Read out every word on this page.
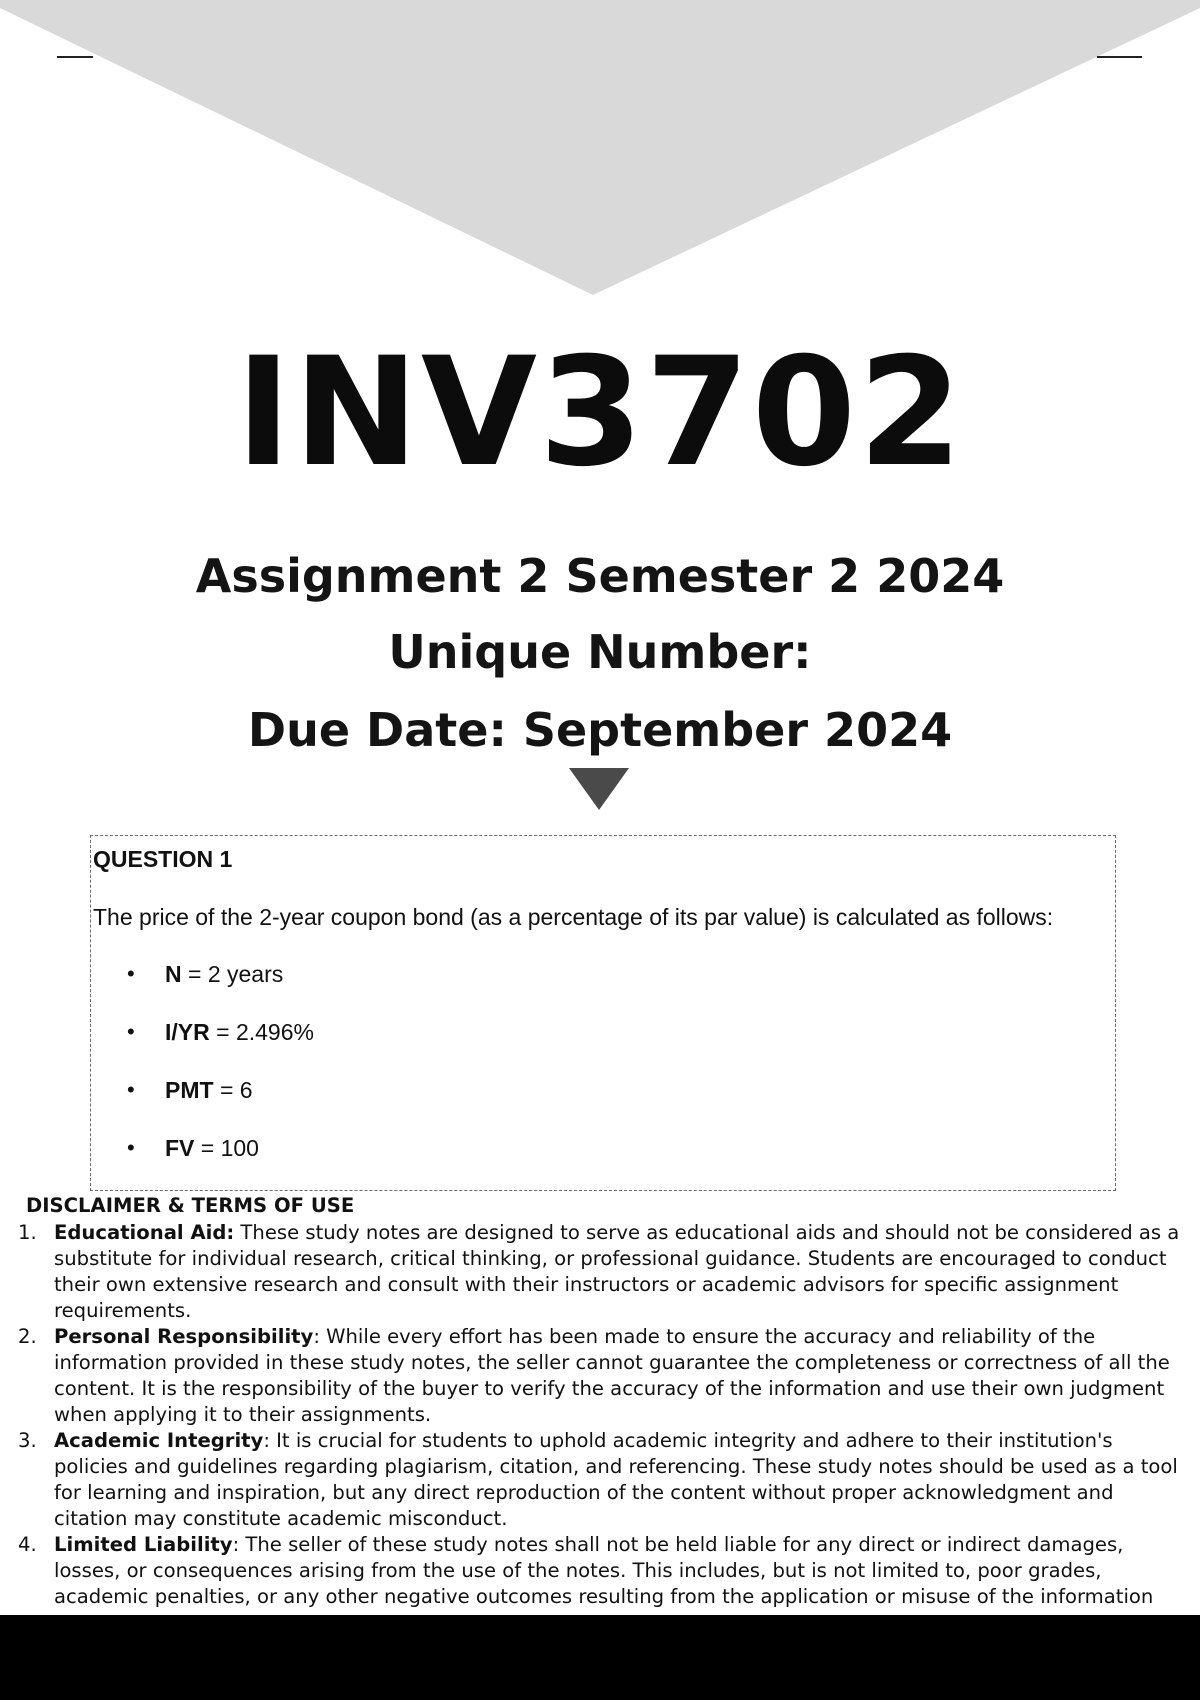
INV3702
Assignment 2 Semester 2 2024
Unique Number:
Due Date: September 2024
QUESTION 1
The price of the 2-year coupon bond (as a percentage of its par value) is calculated as follows:
• N = 2 years
• I/YR = 2.496%
• PMT = 6
• FV = 100
DISCLAIMER & TERMS OF USE
1. Educational Aid: These study notes are designed to serve as educational aids and should not be considered as a substitute for individual research, critical thinking, or professional guidance. Students are encouraged to conduct their own extensive research and consult with their instructors or academic advisors for specific assignment requirements.
2. Personal Responsibility: While every effort has been made to ensure the accuracy and reliability of the information provided in these study notes, the seller cannot guarantee the completeness or correctness of all the content. It is the responsibility of the buyer to verify the accuracy of the information and use their own judgment when applying it to their assignments.
3. Academic Integrity: It is crucial for students to uphold academic integrity and adhere to their institution's policies and guidelines regarding plagiarism, citation, and referencing. These study notes should be used as a tool for learning and inspiration, but any direct reproduction of the content without proper acknowledgment and citation may constitute academic misconduct.
4. Limited Liability: The seller of these study notes shall not be held liable for any direct or indirect damages, losses, or consequences arising from the use of the notes. This includes, but is not limited to, poor grades, academic penalties, or any other negative outcomes resulting from the application or misuse of the information
